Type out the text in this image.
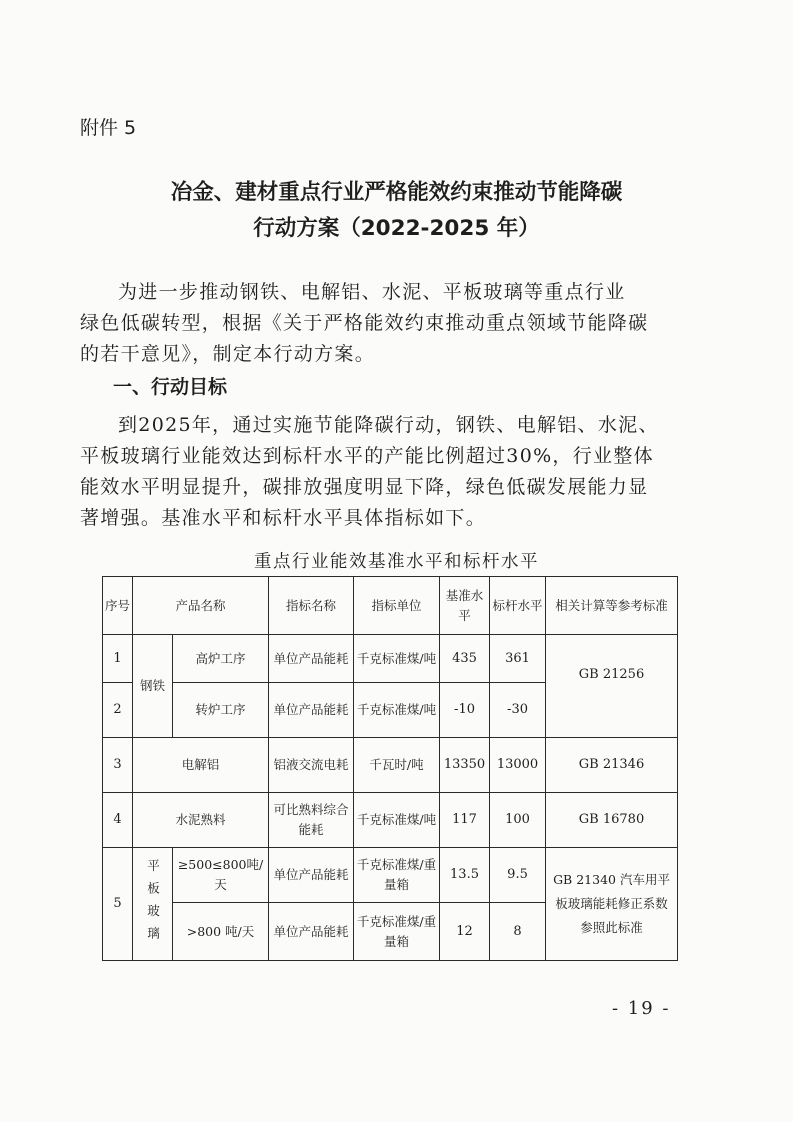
附件 5
冶金、建材重点行业严格能效约束推动节能降碳
行动方案（2022-2025 年）
为进一步推动钢铁、电解铝、水泥、平板玻璃等重点行业
绿色低碳转型，根据《关于严格能效约束推动重点领域节能降碳
的若干意见》，制定本行动方案。
一、行动目标
到2025年，通过实施节能降碳行动，钢铁、电解铝、水泥、
平板玻璃行业能效达到标杆水平的产能比例超过30%，行业整体
能效水平明显提升，碳排放强度明显下降，绿色低碳发展能力显
著增强。基准水平和标杆水平具体指标如下。
重点行业能效基准水平和标杆水平
序号	产品名称		指标名称	指标单位	基准水平	标杆水平	相关计算等参考标准
1	钢铁	高炉工序	单位产品能耗	千克标准煤/吨	435	361	GB 21256
2		转炉工序	单位产品能耗	千克标准煤/吨	-10	-30	
3	电解铝		铝液交流电耗	千瓦时/吨	13350	13000	GB 21346
4	水泥熟料		可比熟料综合能耗	千克标准煤/吨	117	100	GB 16780
5	平板玻璃	≥500≤800吨/天	单位产品能耗	千克标准煤/重量箱	13.5	9.5	GB 21340 汽车用平板玻璃能耗修正系数参照此标准
		>800 吨/天	单位产品能耗	千克标准煤/重量箱	12	8	
- 19 -
